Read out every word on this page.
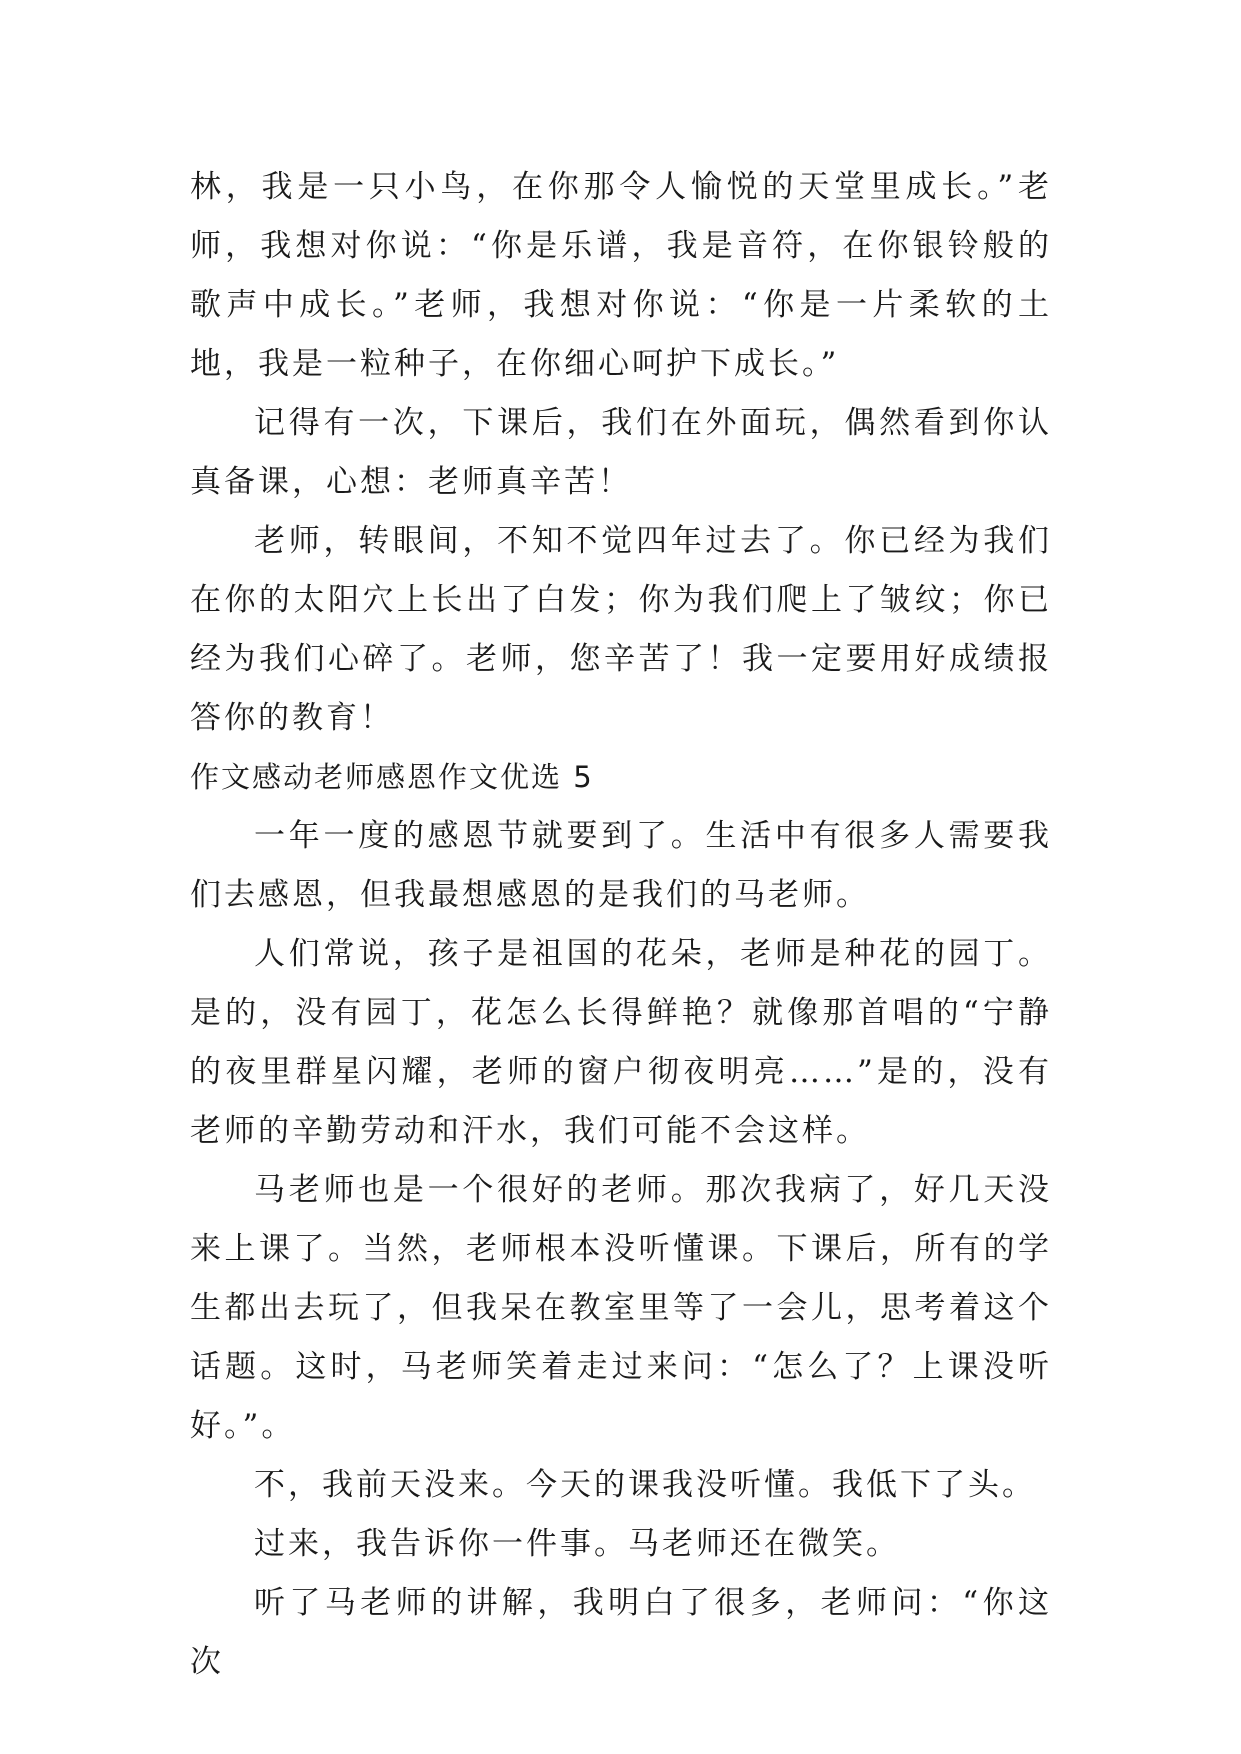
林，我是一只小鸟，在你那令人愉悦的天堂里成长。”老师，我想对你说：“你是乐谱，我是音符，在你银铃般的歌声中成长。”老师，我想对你说：“你是一片柔软的土地，我是一粒种子，在你细心呵护下成长。”

记得有一次，下课后，我们在外面玩，偶然看到你认真备课，心想：老师真辛苦！

老师，转眼间，不知不觉四年过去了。你已经为我们在你的太阳穴上长出了白发；你为我们爬上了皱纹；你已经为我们心碎了。老师，您辛苦了！我一定要用好成绩报答你的教育！

作文感动老师感恩作文优选 5

一年一度的感恩节就要到了。生活中有很多人需要我们去感恩，但我最想感恩的是我们的马老师。

人们常说，孩子是祖国的花朵，老师是种花的园丁。是的，没有园丁，花怎么长得鲜艳？就像那首唱的“宁静的夜里群星闪耀，老师的窗户彻夜明亮……”是的，没有老师的辛勤劳动和汗水，我们可能不会这样。

马老师也是一个很好的老师。那次我病了，好几天没来上课了。当然，老师根本没听懂课。下课后，所有的学生都出去玩了，但我呆在教室里等了一会儿，思考着这个话题。这时，马老师笑着走过来问：“怎么了？上课没听好。”。

不，我前天没来。今天的课我没听懂。我低下了头。

过来，我告诉你一件事。马老师还在微笑。

听了马老师的讲解，我明白了很多，老师问：“你这次
